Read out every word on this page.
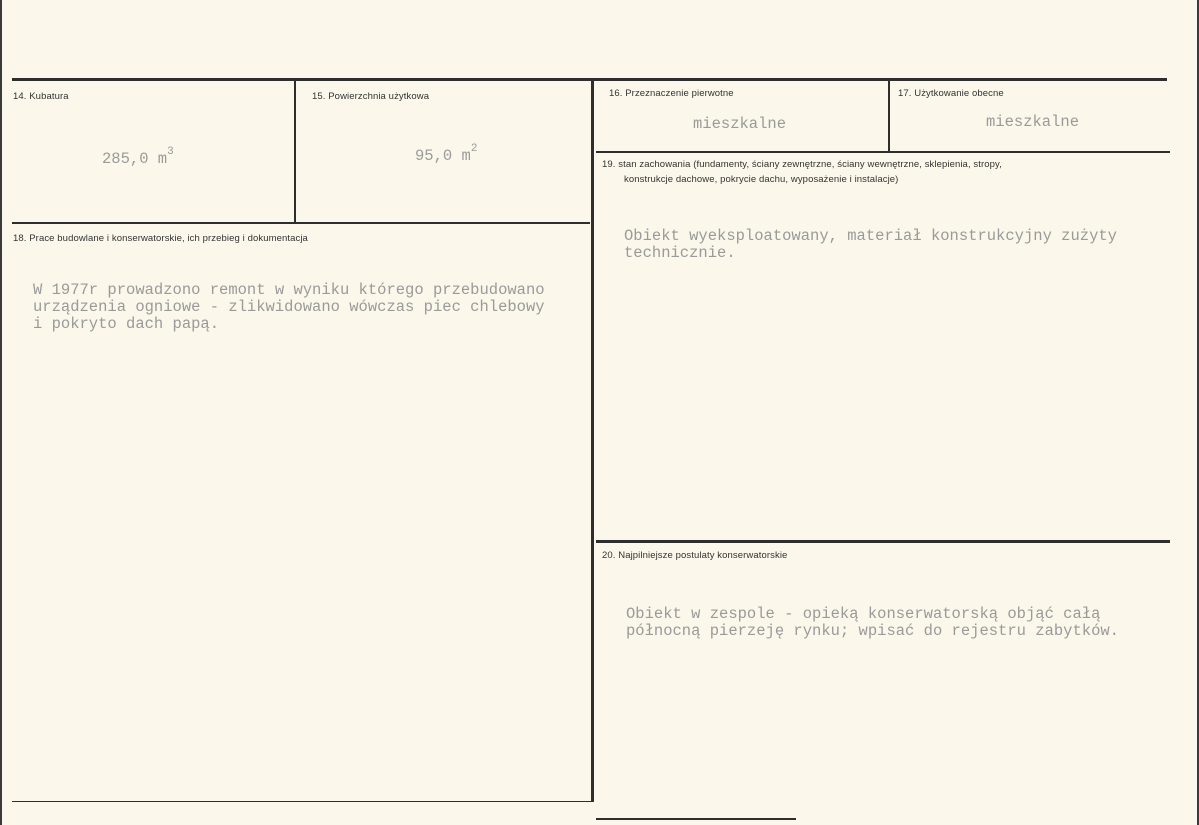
14. Kubatura
285,0 $m^3$
15. Powierzchnia użytkowa
95,0 $m^2$
16. Przeznaczenie pierwotne
mieszkalne
17. Użytkowanie obecne
mieszkalne
18. Prace budowlane i konserwatorskie, ich przebieg i dokumentacja
W 1977r prowadzono remont w wyniku którego przebudowano
urządzenia ogniowe - zlikwidowano wówczas piec chlebowy
i pokryto dach papą.
19. stan zachowania (fundamenty, ściany zewnętrzne, ściany wewnętrzne, sklepienia, stropy,
konstrukcje dachowe, pokrycie dachu, wyposażenie i instalacje)
Obiekt wyeksploatowany, materiał konstrukcyjny zużyty
technicznie.
20. Najpilniejsze postulaty konserwatorskie
Obiekt w zespole - opieką konserwatorską objąć całą
północną pierzeję rynku; wpisać do rejestru zabytków.
